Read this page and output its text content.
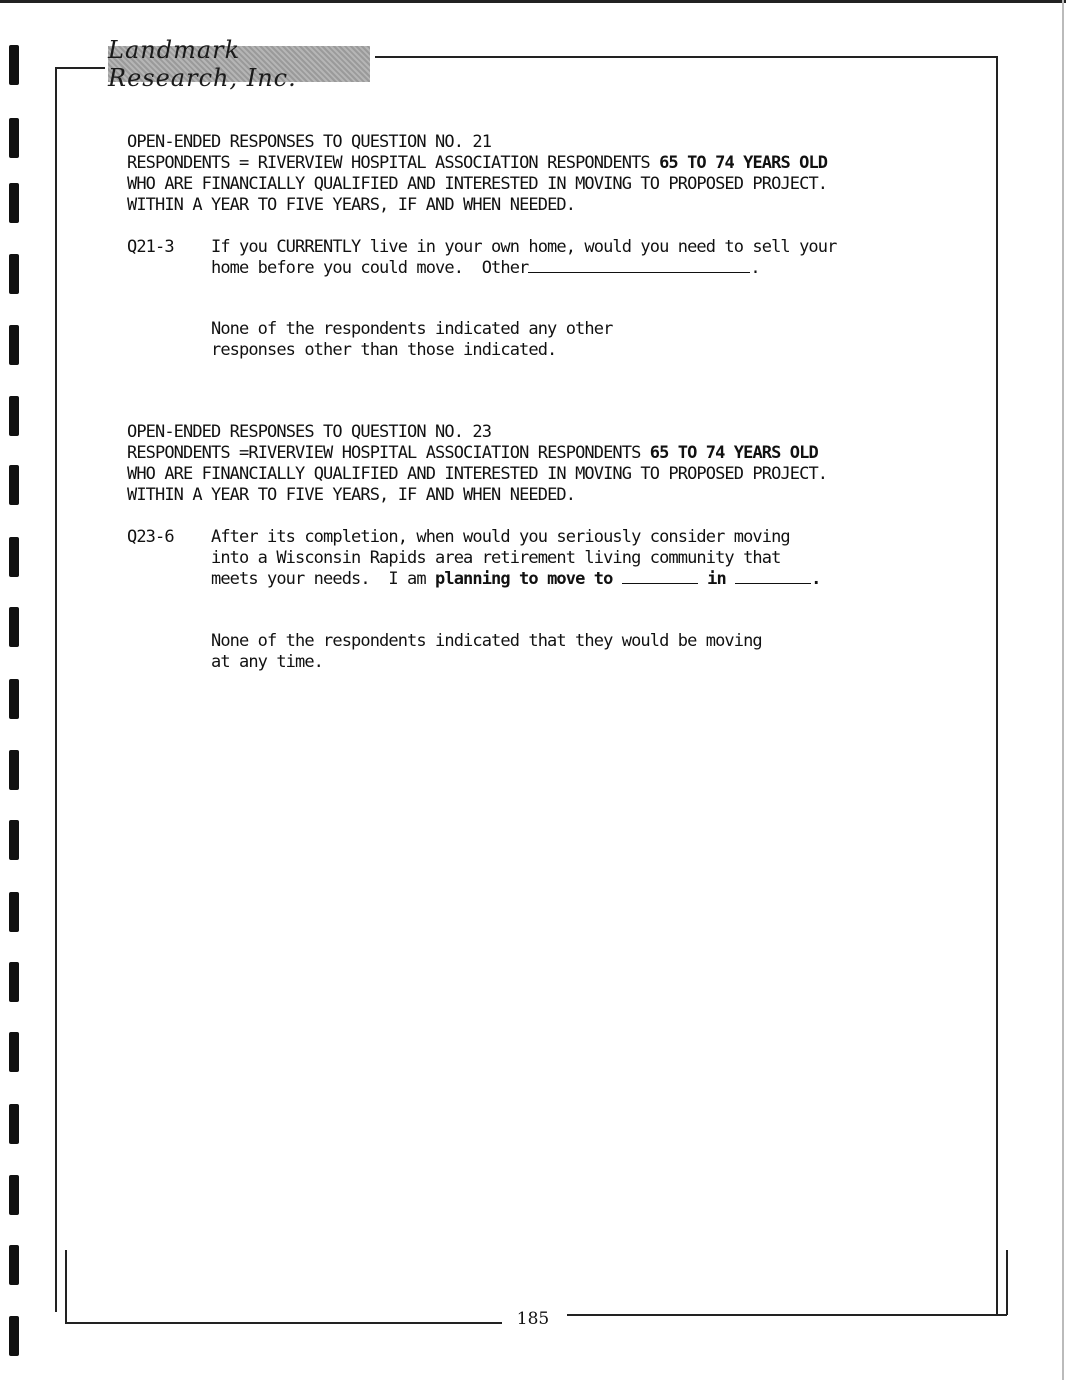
Landmark Research, Inc.
OPEN-ENDED RESPONSES TO QUESTION NO. 21
RESPONDENTS = RIVERVIEW HOSPITAL ASSOCIATION RESPONDENTS 65 TO 74 YEARS OLD
WHO ARE FINANCIALLY QUALIFIED AND INTERESTED IN MOVING TO PROPOSED PROJECT.
WITHIN A YEAR TO FIVE YEARS, IF AND WHEN NEEDED.
Q21-3 If you CURRENTLY live in your own home, would you need to sell your
home before you could move.  Other	.
None of the respondents indicated any other
responses other than those indicated.
OPEN-ENDED RESPONSES TO QUESTION NO. 23
RESPONDENTS =RIVERVIEW HOSPITAL ASSOCIATION RESPONDENTS 65 TO 74 YEARS OLD
WHO ARE FINANCIALLY QUALIFIED AND INTERESTED IN MOVING TO PROPOSED PROJECT.
WITHIN A YEAR TO FIVE YEARS, IF AND WHEN NEEDED.
Q23-6 After its completion, when would you seriously consider moving
into a Wisconsin Rapids area retirement living community that
meets your needs.  I am planning to move to	in	.
None of the respondents indicated that they would be moving
at any time.
185
